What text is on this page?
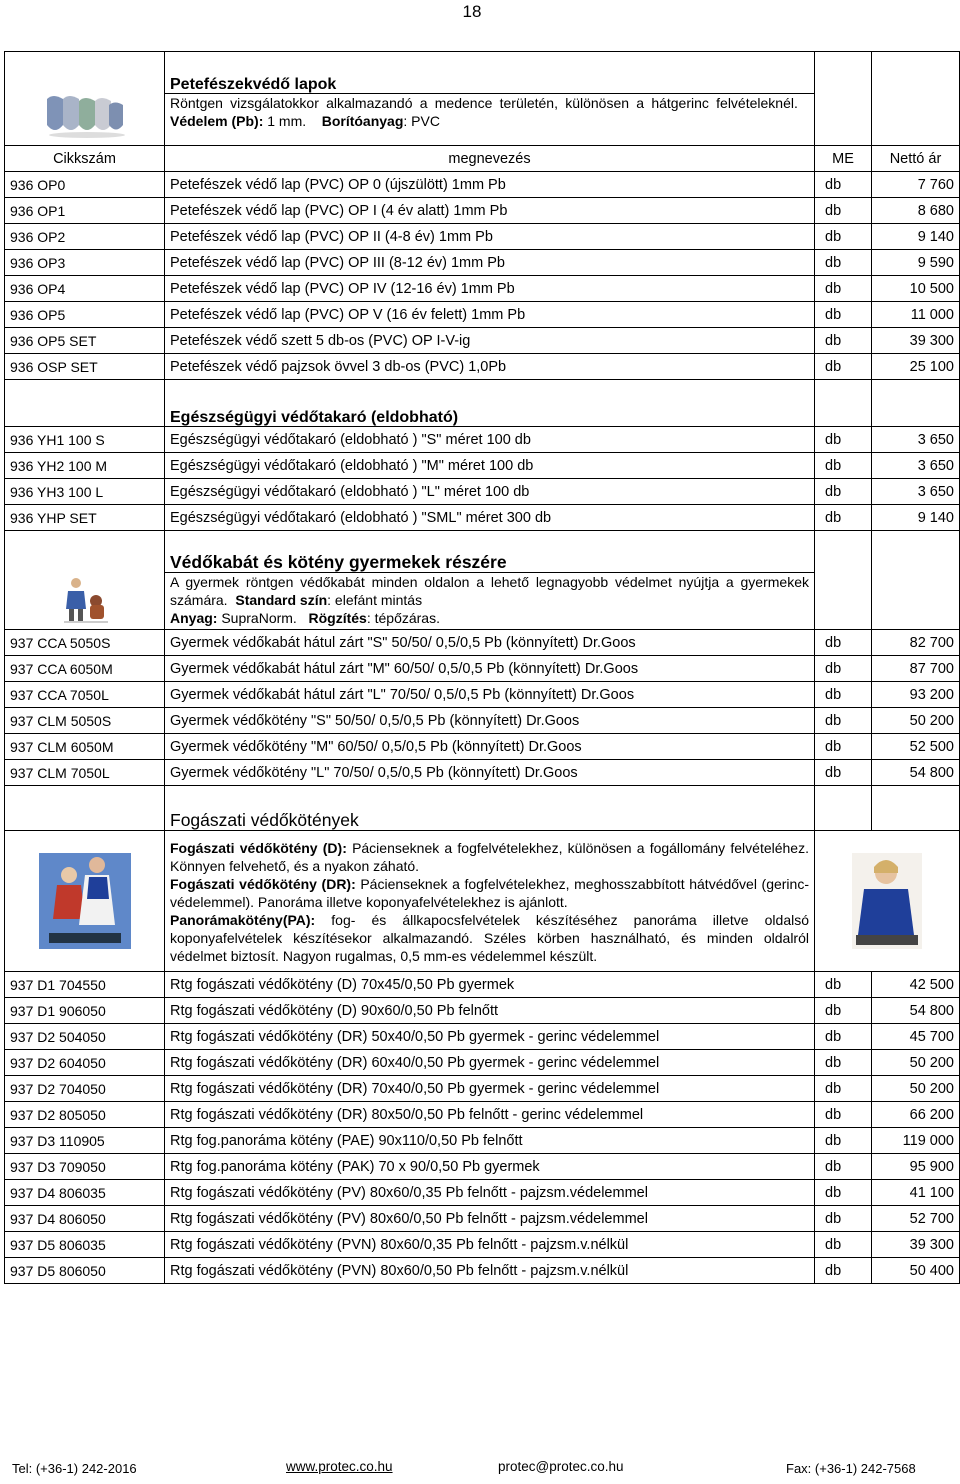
18
	Petefészekvédő lapok		

	Röntgen vizsgálatokkor alkalmazandó a medence területén, különösen a hátgerinc felvételeknél.   Védelem (Pb): 1 mm. Borítóanyag: PVC		

Cikkszám	megnevezés	ME	Nettó ár
936 OP0	Petefészek védő lap (PVC) OP 0 (újszülött) 1mm Pb	db	7 760
936 OP1	Petefészek védő lap (PVC) OP I (4 év alatt) 1mm Pb	db	8 680
936 OP2	Petefészek védő lap (PVC) OP II (4-8 év) 1mm Pb	db	9 140
936 OP3	Petefészek védő lap (PVC) OP III (8-12 év) 1mm Pb	db	9 590
936 OP4	Petefészek védő lap (PVC) OP IV (12-16 év) 1mm Pb	db	10 500
936 OP5	Petefészek védő lap (PVC) OP V (16 év felett) 1mm Pb	db	11 000
936 OP5 SET	Petefészek védő szett 5 db-os (PVC) OP I-V-ig	db	39 300
936 OSP SET	Petefészek védő pajzsok övvel 3 db-os (PVC) 1,0Pb	db	25 100
	Egészségügyi védőtakaró (eldobható)		
936 YH1 100 S	Egészségügyi védőtakaró (eldobható ) "S" méret 100 db	db	3 650
936 YH2 100 M	Egészségügyi védőtakaró (eldobható ) "M" méret 100 db	db	3 650
936 YH3 100 L	Egészségügyi védőtakaró (eldobható ) "L" méret 100 db	db	3 650
936 YHP SET	Egészségügyi védőtakaró (eldobható ) "SML" méret 300 db	db	9 140

	Védőkabát és kötény gyermekek részére		

	A gyermek röntgen védőkabát minden oldalon a lehető legnagyobb védelmet nyújtja a gyermekek számára. Standard szín: elefánt mintás

Anyag: SupraNorm. Rögzítés: tépőzáras.		

937 CCA 5050S	Gyermek védőkabát hátul zárt "S" 50/50/ 0,5/0,5 Pb (könnyített) Dr.Goos	db	82 700
937 CCA 6050M	Gyermek védőkabát hátul zárt "M" 60/50/ 0,5/0,5 Pb (könnyített) Dr.Goos	db	87 700
937 CCA 7050L	Gyermek védőkabát hátul zárt "L" 70/50/ 0,5/0,5 Pb (könnyített) Dr.Goos	db	93 200
937 CLM 5050S	Gyermek védőkötény "S" 50/50/ 0,5/0,5 Pb (könnyített) Dr.Goos	db	50 200
937 CLM 6050M	Gyermek védőkötény "M" 60/50/ 0,5/0,5 Pb (könnyített) Dr.Goos	db	52 500
937 CLM 7050L	Gyermek védőkötény "L" 70/50/ 0,5/0,5 Pb (könnyített) Dr.Goos	db	54 800
	Fogászati védőkötények		

Fogászati védőkötény (D): Pácienseknek a fogfelvételekhez, különösen a fogállomány felvételéhez. Könnyen felvehető, és a nyakon záható.

Fogászati védőkötény (DR): Pácienseknek a fogfelvételekhez, meghosszabbított hátvédővel (gerinc-védelemmel). Panoráma illetve koponyafelvételekhez is ajánlott.

Panorámakötény(PA): fog- és állkapocsfelvételek készítéséhez panoráma illetve oldalsó koponyafelvételek készítésekor alkalmazandó. Széles körben használható, és minden oldalról védelmet biztosít. Nagyon rugalmas, 0,5 mm-es védelemmel készült.

937 D1 704550	Rtg fogászati védőkötény (D) 70x45/0,50 Pb gyermek	db	42 500
937 D1 906050	Rtg fogászati védőkötény (D) 90x60/0,50 Pb felnőtt	db	54 800
937 D2 504050	Rtg fogászati védőkötény (DR) 50x40/0,50 Pb gyermek - gerinc védelemmel	db	45 700
937 D2 604050	Rtg fogászati védőkötény (DR) 60x40/0,50 Pb gyermek - gerinc védelemmel	db	50 200
937 D2 704050	Rtg fogászati védőkötény (DR) 70x40/0,50 Pb gyermek - gerinc védelemmel	db	50 200
937 D2 805050	Rtg fogászati védőkötény (DR) 80x50/0,50 Pb felnőtt - gerinc védelemmel	db	66 200
937 D3 110905	Rtg fog.panoráma kötény (PAE) 90x110/0,50 Pb felnőtt	db	119 000
937 D3 709050	Rtg fog.panoráma kötény (PAK) 70 x 90/0,50 Pb gyermek	db	95 900
937 D4 806035	Rtg fogászati védőkötény (PV) 80x60/0,35 Pb felnőtt - pajzsm.védelemmel	db	41 100
937 D4 806050	Rtg fogászati védőkötény (PV) 80x60/0,50 Pb felnőtt - pajzsm.védelemmel	db	52 700
937 D5 806035	Rtg fogászati védőkötény (PVN) 80x60/0,35 Pb felnőtt - pajzsm.v.nélkül	db	39 300
937 D5 806050	Rtg fogászati védőkötény (PVN) 80x60/0,50 Pb felnőtt - pajzsm.v.nélkül	db	50 400
Tel: (+36-1) 242-2016	www.protec.co.hu	protec@protec.co.hu	Fax: (+36-1) 242-7568
